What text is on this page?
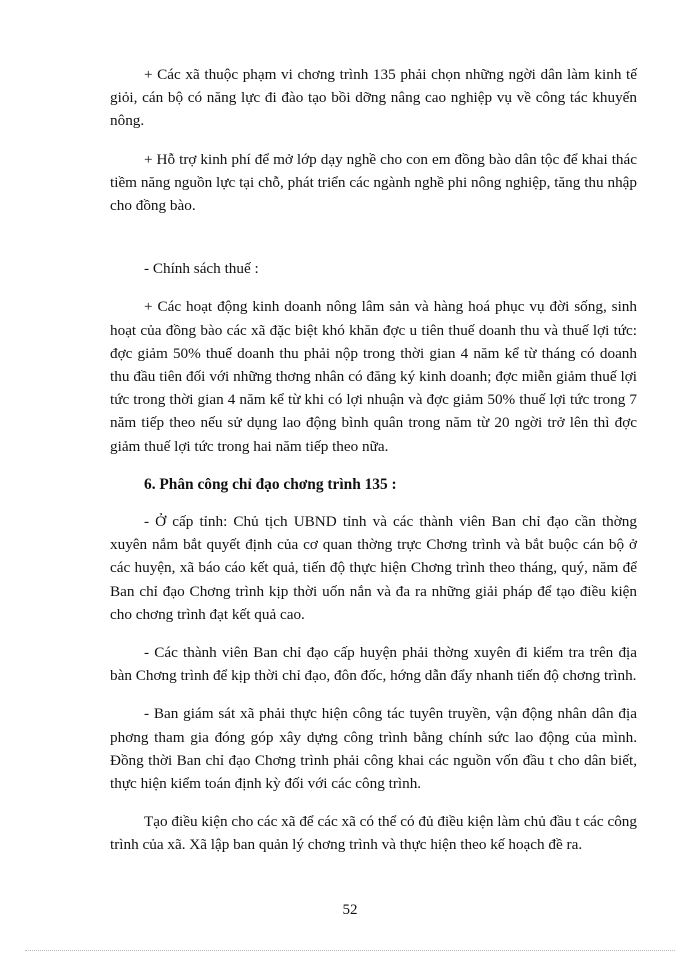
+ Các xã thuộc phạm vi chơng trình 135 phải chọn những ngời dân làm kinh tế giỏi, cán bộ có năng lực đi đào tạo bồi dỡng nâng cao nghiệp vụ về công tác khuyến nông.

+ Hỗ trợ kinh phí để mở lớp dạy nghề cho con em đồng bào dân tộc để khai thác tiềm năng nguồn lực tại chỗ, phát triển các ngành nghề phi nông nghiệp, tăng thu nhập cho đồng bào.

- Chính sách thuế :

+ Các hoạt động kinh doanh nông lâm sản và hàng hoá phục vụ đời sống, sinh hoạt của đồng bào các xã đặc biệt khó khăn đợc u tiên thuế doanh thu và thuế lợi tức: đợc giảm 50% thuế doanh thu phải nộp trong thời gian 4 năm kể từ tháng có doanh thu đầu tiên đối với những thơng nhân có đăng ký kinh doanh; đợc miễn giảm thuế lợi tức trong thời gian 4 năm kể từ khi có lợi nhuận và đợc giảm 50% thuế lợi tức trong 7 năm tiếp theo nếu sử dụng lao động bình quân trong năm từ 20 ngời trở lên thì đợc giảm thuế lợi tức trong hai năm tiếp theo nữa.

6. Phân công chỉ đạo chơng trình 135 :

- Ở cấp tỉnh: Chủ tịch UBND tỉnh và các thành viên Ban chỉ đạo cần thờng xuyên nắm bắt quyết định của cơ quan thờng trực Chơng trình và bắt buộc cán bộ ở các huyện, xã báo cáo kết quả, tiến độ thực hiện Chơng trình theo tháng, quý, năm để Ban chỉ đạo Chơng trình kịp thời uốn nắn và đa ra những giải pháp để tạo điều kiện cho chơng trình đạt kết quả cao.

- Các thành viên Ban chỉ đạo cấp huyện phải thờng xuyên đi kiểm tra trên địa bàn Chơng trình để kịp thời chỉ đạo, đôn đốc, hớng dẫn đẩy nhanh tiến độ chơng trình.

- Ban giám sát xã phải thực hiện công tác tuyên truyền, vận động nhân dân địa phơng tham gia đóng góp xây dựng công trình bằng chính sức lao động của mình. Đồng thời Ban chỉ đạo Chơng trình phải công khai các nguồn vốn đầu t cho dân biết, thực hiện kiểm toán định kỳ đối với các công trình.

Tạo điều kiện cho các xã để các xã có thể có đủ điều kiện làm chủ đầu t các công trình của xã. Xã lập ban quản lý chơng trình và thực hiện theo kế hoạch đề ra.

52
